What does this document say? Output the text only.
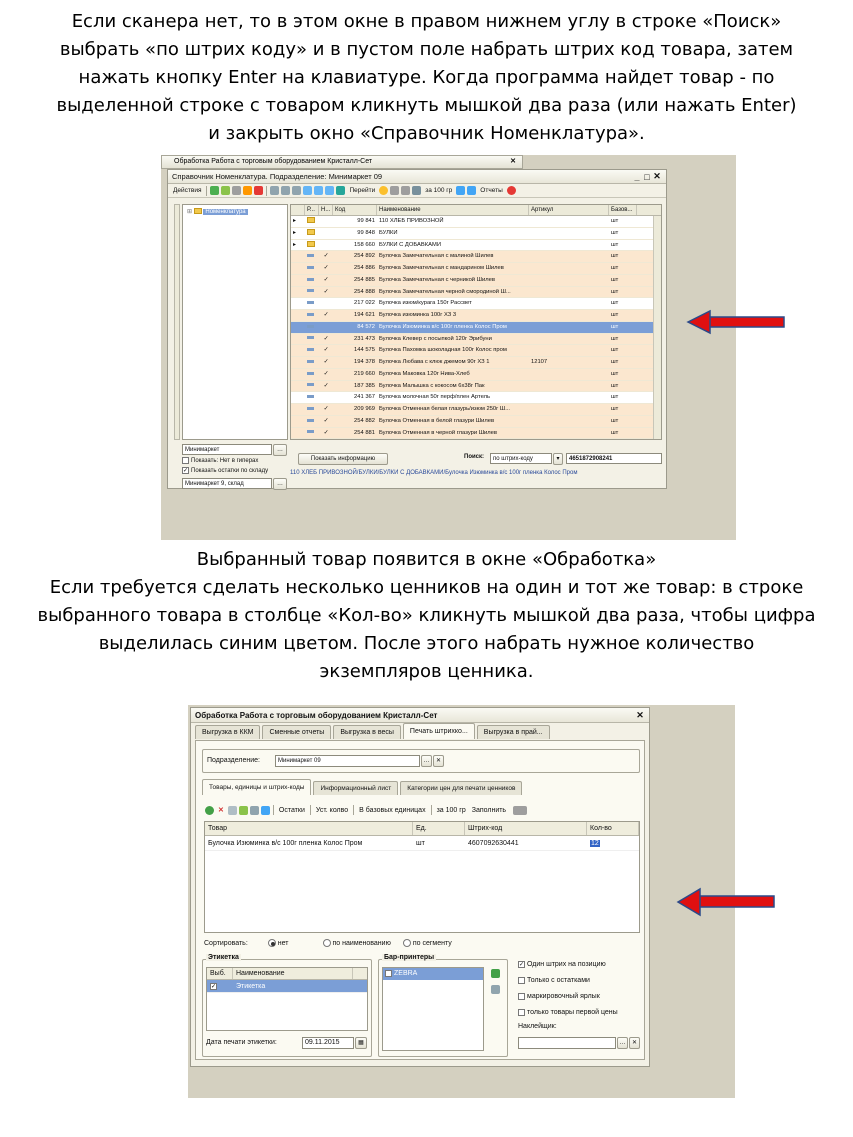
Если сканера нет, то в этом окне в правом нижнем углу в строке «Поиск»

выбрать «по штрих коду» и в пустом поле набрать штрих код товара, затем

нажать кнопку Enter на клавиатуре. Когда программа найдет товар - по

выделенной строке с товаром кликнуть мышкой два раза (или нажать Enter)

и закрыть окно «Справочник Номенклатура».

Обработка Работа с торговым оборудованием Кристалл-Сет	✕
Справочник Номенклатура. Подразделение: Минимаркет 09	_ □ ✕
Действия	Перейти	за 100 гр	Отчеты
⊞ Номенклатура	Р...	Н... Код	Наименование	Артикул	Базов...
▸	99 841 110 ХЛЕБ ПРИВОЗНОЙ	шт
▸	99 848 БУЛКИ	шт
▸	158 660 БУЛКИ С ДОБАВКАМИ	шт
✓	254 892 Булочка Замечательная с малиной Шилев	шт
✓	254 886 Булочка Замечательная с мандарином Шилев	шт
✓	254 885 Булочка Замечательная с черникой Шилев	шт
✓	254 888 Булочка Замечательная черной смородиной Ш...	шт
217 022 Булочка изюм/курага 150г Рассвет	шт
✓	194 621 Булочка изюминка 100г ХЗ 3	шт
84 572 Булочка Изюминка в/с 100г пленка Колос Пром	шт
✓	231 473 Булочка Клевер с посыпкой 120г Эрибуни	шт
✓	144 575 Булочка Пахомка шоколадная 100г Колос пром	шт
✓	194 378 Булочка Любава с клюк джемом 90г ХЗ 1	12107	шт
✓	219 660 Булочка Маковка 120г Нива-Хлеб	шт
✓	187 385 Булочка Малышка с кокосом 6х38г Пак	шт
241 367 Булочка молочная 50г перф/плен Артель	шт
✓	209 969 Булочка Отменная белая глазурь/изюм 250г Ш...	шт
✓	254 882 Булочка Отменная в белой глазури Шилев	шт
✓	254 881 Булочка Отменная в черной глазури Шилев	шт
Минимаркет	…
Показать: Нет в гиперах
✓ Показать остатки по складу
Минимаркет 9, склад	…
Показать информацию	Поиск:	по штрих-коду	▾	4651872908241
110 ХЛЕБ ПРИВОЗНОЙ/БУЛКИ/БУЛКИ С ДОБАВКАМИ/Булочка Изюминка в/с 100г пленка Колос Пром

Выбранный товар появится в окне «Обработка»

Если требуется сделать несколько ценников на один и тот же товар: в строке

выбранного товара в столбце «Кол-во» кликнуть мышкой два раза, чтобы цифра

выделилась синим цветом. После этого набрать нужное количество

экземпляров ценника.

Обработка Работа с торговым оборудованием Кристалл-Сет	✕
Выгрузка в ККМ	Сменные отчеты	Выгрузка в весы	Печать штрихко...	Выгрузка в прай...
Подразделение:	Минимаркет 09	…	✕
Товары, единицы и штрих-коды	Информационный лист	Категории цен для печати ценников
✕	Остатки	Уст. колво	В базовых единицах	за 100 гр Заполнить
Товар	Ед.	Штрих-код	Кол-во
Булочка Изюминка в/с 100г пленка Колос Пром	шт	4607092630441	12
Сортировать:	нет	по наименованию	по сегменту
Этикетка
Выб.	Наименование
✓	Этикетка
Дата печати этикетки:	09.11.2015	▦
Бар-принтеры
ZEBRA
✓ Один штрих на позицию
Только с остатками
маркировочный ярлык
только товары первой цены
Наклейщик:
…	✕
